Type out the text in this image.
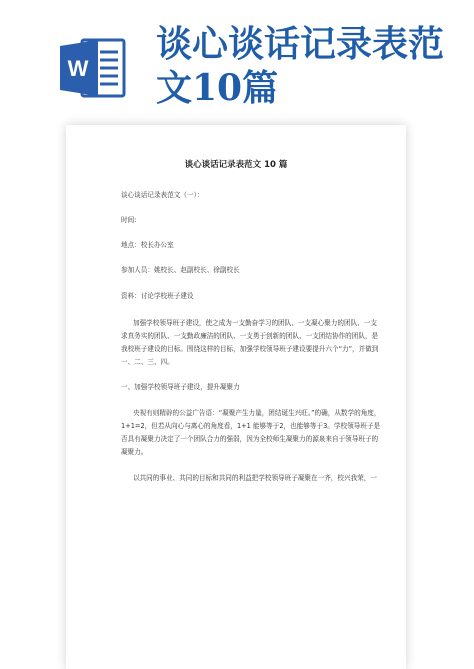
W
谈心谈话记录表范
文10篇
谈心谈话记录表范文 10 篇
谈心谈话记录表范文（一）：
时间:
地点：校长办公室
参加人员：姚校长、赵副校长、徐副校长
资料：讨论学校班子建设
加强学校领导班子建设，使之成为一支勤奋学习的团队、一支凝心聚力的团队、一支求真务实的团队、一支勤政廉洁的团队、一支勇于创新的团队、一支团结协作的团队，是我校班子建设的目标。围绕这样的目标，加强学校领导班子建设要提升六个“力”，并做到一、二、三、四。
一、加强学校领导班子建设，提升凝聚力
央视有则精辟的公益广告语：“凝聚产生力量，团结诞生兴旺。”的确，从数学的角度，1+1=2，但若从向心与离心的角度看，1+1 能够等于2，也能够等于3。学校领导班子是否具有凝聚力决定了一个团队合力的强弱，因为全校师生凝聚力的源泉来自于领导班子的凝聚力。
以共同的事业、共同的目标和共同的利益把学校领导班子凝聚在一齐，校兴我荣，一
